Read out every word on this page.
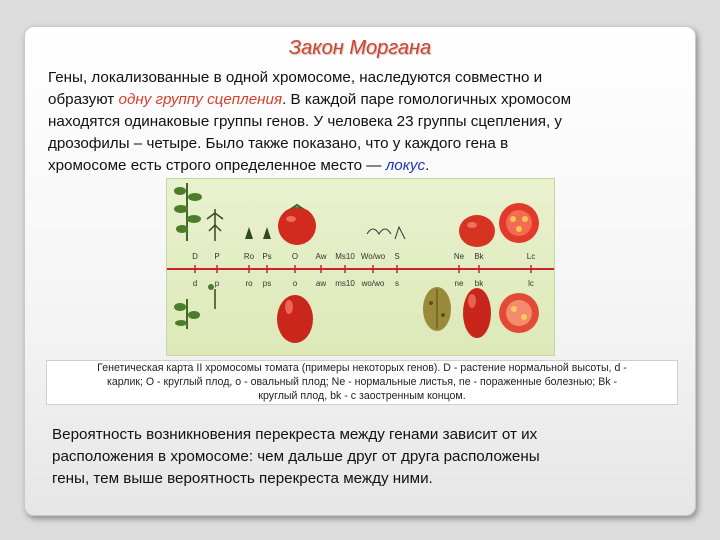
Закон Моргана
Гены, локализованные в одной хромосоме, наследуются совместно и
образуют одну группу сцепления. В каждой паре гомологичных хромосом
находятся одинаковые группы генов. У человека 23 группы сцепления, у
дрозофилы – четыре. Было также показано, что у каждого гена в
хромосоме есть строго определенное место — локус.
D P	Ro Ps	O Aw Ms10 Wo/wo S	Ne Bk	Lc
d p	ro ps	o aw ms10 wo/wo s	ne bk	lc
Генетическая карта II хромосомы томата (примеры некоторых генов). D - растение нормальной высоты, d -
карлик; О - круглый плод, о - овальный плод; Ne - нормальные листья, ne - пораженные болезнью; Bk -
круглый плод, bk - с заостренным концом.
Вероятность возникновения перекреста между генами зависит от их
расположения в хромосоме: чем дальше друг от друга расположены
гены, тем выше вероятность перекреста между ними.
